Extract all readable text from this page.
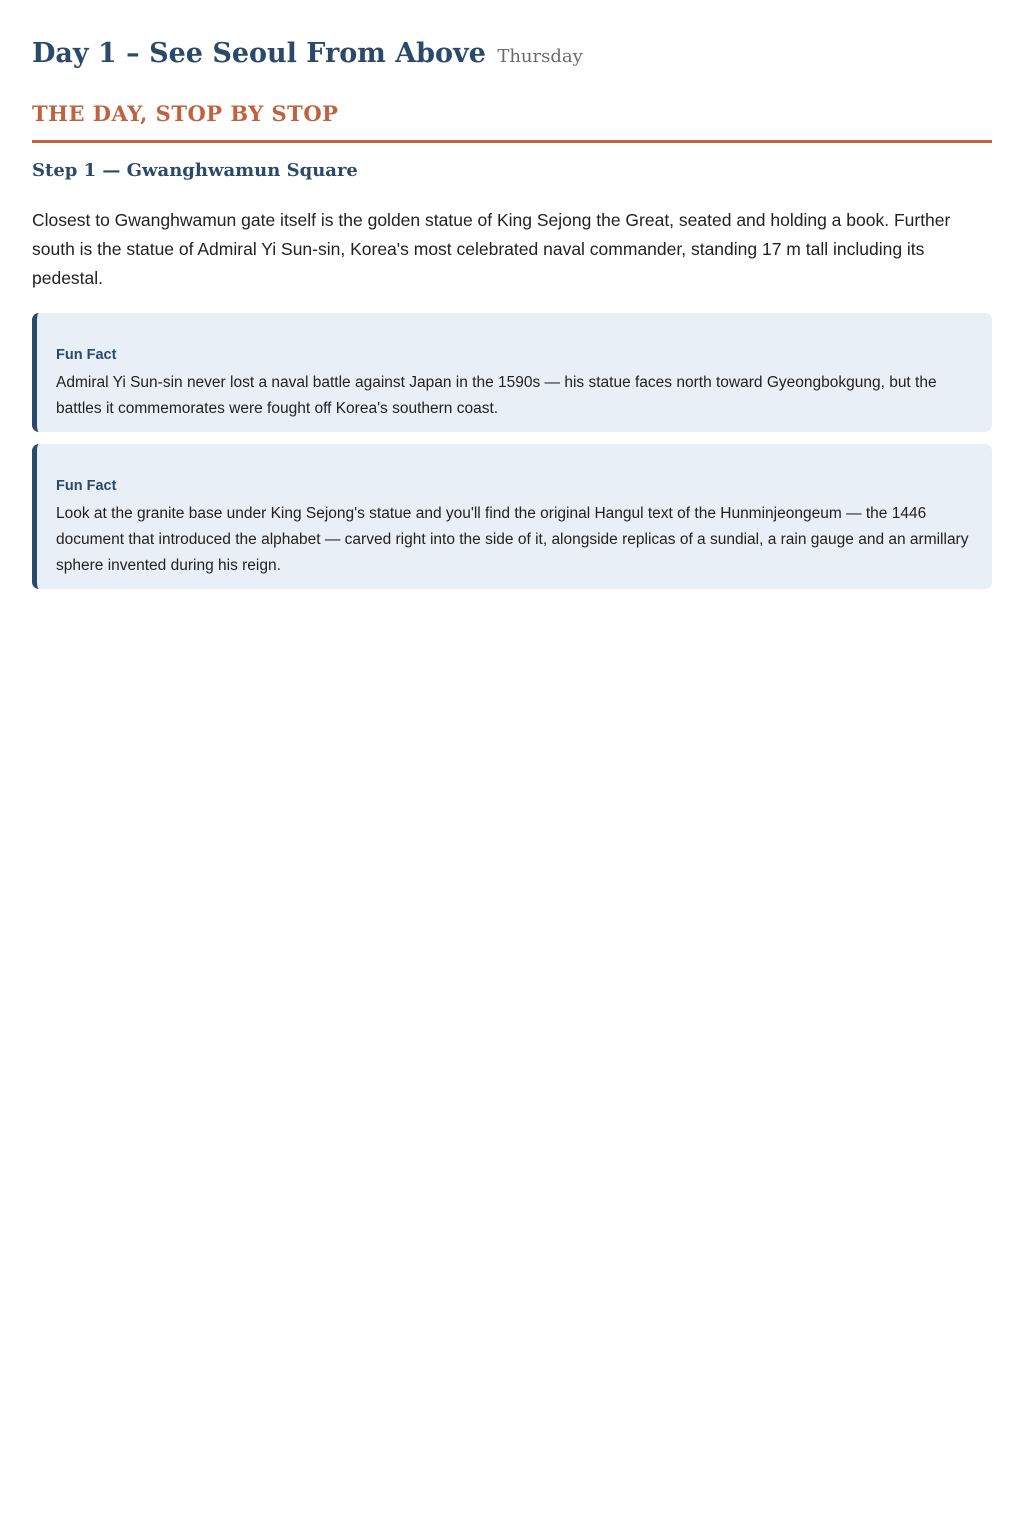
Day 1 – See Seoul From Above Thursday
THE DAY, STOP BY STOP
Step 1 — Gwanghwamun Square

Closest to Gwanghwamun gate itself is the golden statue of King Sejong the Great, seated and holding a book. Further south is the statue of Admiral Yi Sun-sin, Korea's most celebrated naval commander, standing 17 m tall including its pedestal.

Fun Fact
Admiral Yi Sun-sin never lost a naval battle against Japan in the 1590s — his statue faces north toward Gyeongbokgung, but the battles it commemorates were fought off Korea's southern coast.
Fun Fact
Look at the granite base under King Sejong's statue and you'll find the original Hangul text of the Hunminjeongeum — the 1446 document that introduced the alphabet — carved right into the side of it, alongside replicas of a sundial, a rain gauge and an armillary sphere invented during his reign.
